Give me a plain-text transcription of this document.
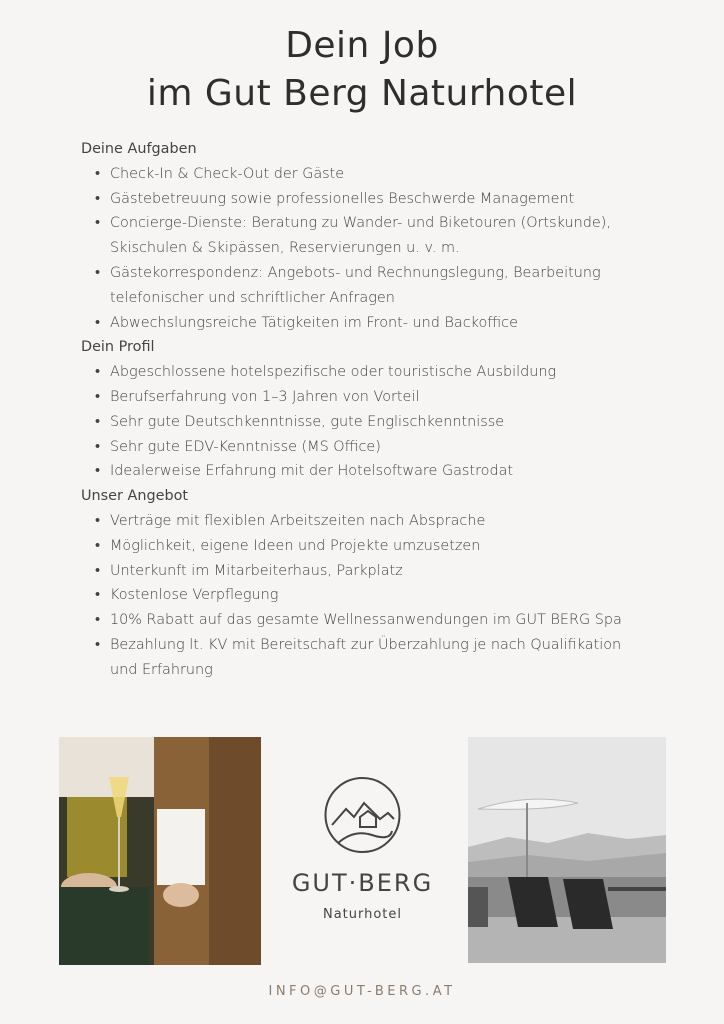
Dein Job
im Gut Berg Naturhotel

Deine Aufgaben

• Check-In & Check-Out der Gäste
• Gästebetreuung sowie professionelles Beschwerde Management
• Concierge-Dienste: Beratung zu Wander- und Biketouren (Ortskunde), Skischulen & Skipässen, Reservierungen u. v. m.
• Gästekorrespondenz: Angebots- und Rechnungslegung, Bearbeitung telefonischer und schriftlicher Anfragen
• Abwechslungsreiche Tätigkeiten im Front- und Backoffice

Dein Profil

• Abgeschlossene hotelspezifische oder touristische Ausbildung
• Berufserfahrung von 1–3 Jahren von Vorteil
• Sehr gute Deutschkenntnisse, gute Englischkenntnisse
• Sehr gute EDV-Kenntnisse (MS Office)
• Idealerweise Erfahrung mit der Hotelsoftware Gastrodat

Unser Angebot

• Verträge mit flexiblen Arbeitszeiten nach Absprache
• Möglichkeit, eigene Ideen und Projekte umzusetzen
• Unterkunft im Mitarbeiterhaus, Parkplatz
• Kostenlose Verpflegung
• 10% Rabatt auf das gesamte Wellnessanwendungen im GUT BERG Spa
• Bezahlung lt. KV mit Bereitschaft zur Überzahlung je nach Qualifikation und Erfahrung
GUT·BERG
Naturhotel
INFO@GUT-BERG.AT
